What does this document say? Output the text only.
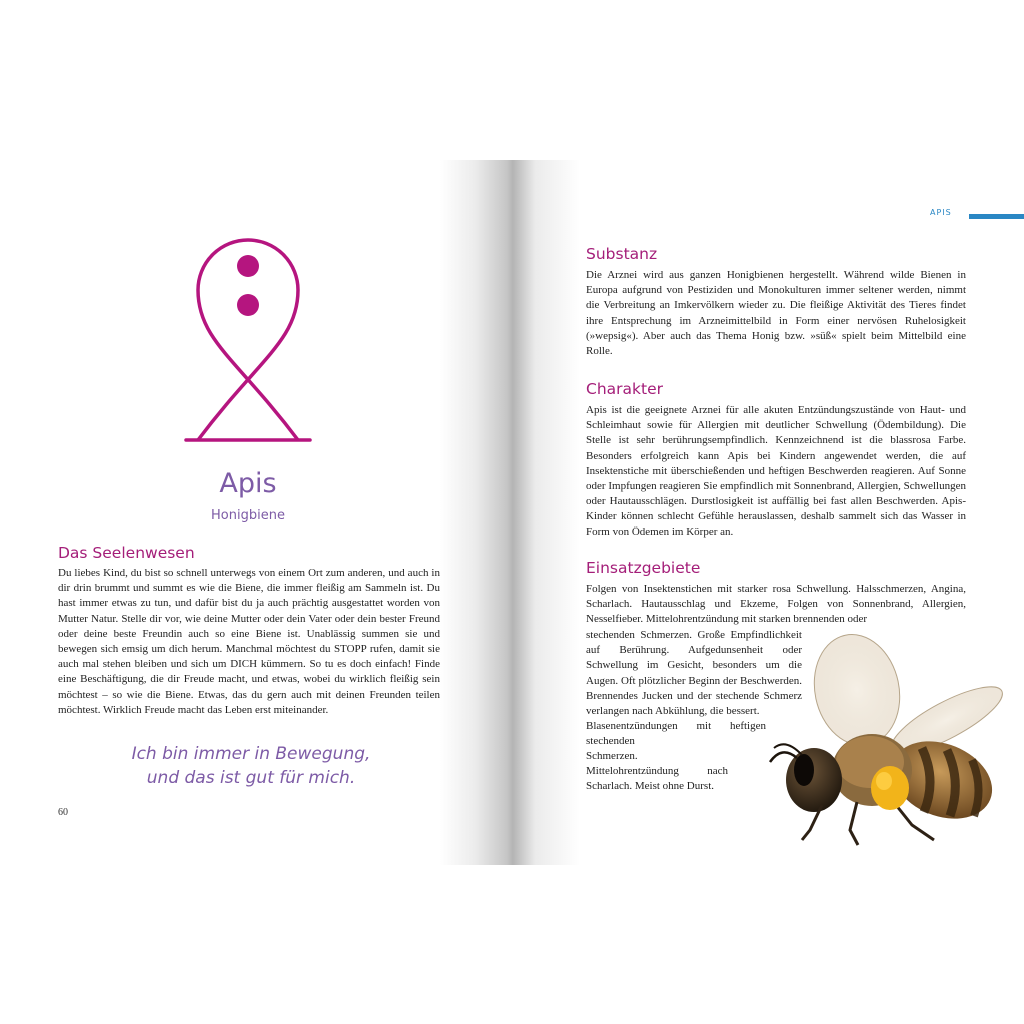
Apis
Honigbiene
Das Seelenwesen

Du liebes Kind, du bist so schnell unterwegs von einem Ort zum anderen, und auch in dir drin brummt und summt es wie die Biene, die immer fleißig am Sammeln ist. Du hast immer etwas zu tun, und dafür bist du ja auch prächtig ausgestattet worden von Mutter Natur. Stelle dir vor, wie deine Mutter oder dein Vater oder dein bester Freund oder deine beste Freundin auch so eine Biene ist. Unablässig summen sie und bewegen sich emsig um dich herum. Manchmal möchtest du STOPP rufen, damit sie auch mal stehen bleiben und sich um DICH kümmern. So tu es doch einfach! Finde eine Beschäftigung, die dir Freude macht, und etwas, wobei du wirklich fleißig sein möchtest – so wie die Biene. Etwas, das du gern auch mit deinen Freunden teilen möchtest. Wirklich Freude macht das Leben erst miteinander.

Ich bin immer in Bewegung,
und das ist gut für mich.
60
APIS
Substanz

Die Arznei wird aus ganzen Honigbienen hergestellt. Während wilde Bienen in Europa aufgrund von Pestiziden und Monokulturen immer seltener werden, nimmt die Verbreitung an Imkervölkern wieder zu. Die fleißige Aktivität des Tieres findet ihre Entsprechung im Arzneimittelbild in Form einer nervösen Ruhelosigkeit (»wepsig«). Aber auch das Thema Honig bzw. »süß« spielt beim Mittelbild eine Rolle.

Charakter

Apis ist die geeignete Arznei für alle akuten Entzündungszustände von Haut- und Schleimhaut sowie für Allergien mit deutlicher Schwellung (Ödembildung). Die Stelle ist sehr berührungsempfindlich. Kennzeichnend ist die blassrosa Farbe. Besonders erfolgreich kann Apis bei Kindern angewendet werden, die auf Insektenstiche mit überschießenden und heftigen Beschwerden reagieren. Auf Sonne oder Impfungen reagieren Sie empfindlich mit Sonnenbrand, Allergien, Schwellungen oder Hautausschlägen. Durstlosigkeit ist auffällig bei fast allen Beschwerden. Apis-Kinder können schlecht Gefühle herauslassen, deshalb sammelt sich das Wasser in Form von Ödemen im Körper an.

Einsatzgebiete

Folgen von Insektenstichen mit starker rosa Schwellung. Halsschmerzen, Angina, Scharlach. Hautausschlag und Ekzeme, Folgen von Sonnenbrand, Allergien, Nesselfieber. Mittelohrentzündung mit starken brennenden oder

stechenden Schmerzen. Große Empfindlichkeit auf Berührung. Aufgedunsenheit oder Schwellung im Gesicht, besonders um die Augen. Oft plötzlicher Beginn der Beschwerden. Brennendes Jucken und der stechende Schmerz verlangen nach Abkühlung, die bessert.

Blasenentzündungen mit heftigen stechenden

Schmerzen. Mittelohrentzündung nach Scharlach. Meist ohne Durst.
